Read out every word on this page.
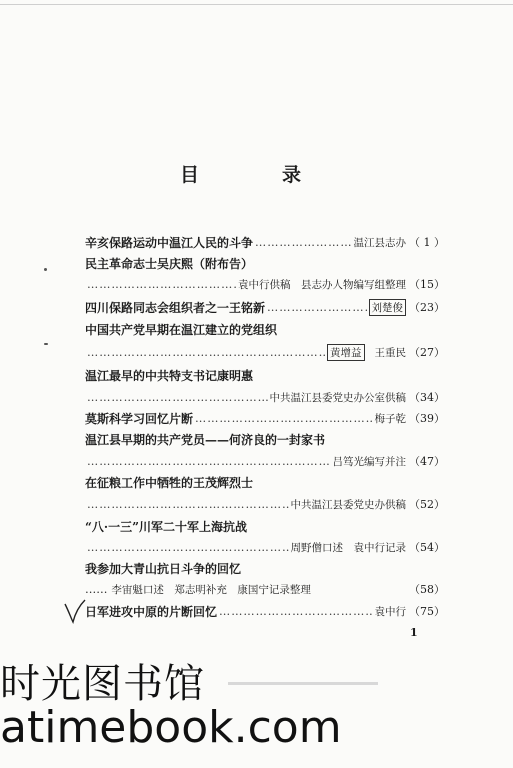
目　录
辛亥保路运动中温江人民的斗争 ……………………………………………………………………………………………………………………	温江县志办 （ 1 ）
民主革命志士吴庆熙（附布告）
……………………………………………………………………………………………………………………
袁中行供稿　县志办人物编写组整理 （15）
四川保路同志会组织者之一王铭新 ……………………………………………………………………………………………………………………	刘楚俊 （23）
中国共产党早期在温江建立的党组织
……………………………………………………………………………………………………………………
黄增益 王重民 （27）
温江最早的中共特支书记康明惠
……………………………………………………………………………………………………………………
中共温江县委党史办公室供稿 （34）
莫斯科学习回忆片断 ……………………………………………………………………………………………………………………	梅子乾 （39）
温江县早期的共产党员——何济良的一封家书
……………………………………………………………………………………………………………………
吕笃光编写并注 （47）
在征粮工作中牺牲的王茂辉烈士
……………………………………………………………………………………………………………………
中共温江县委党史办供稿 （52）
“八·一三”川军二十军上海抗战
……………………………………………………………………………………………………………………
周野僧口述　袁中行记录 （54）
我参加大青山抗日斗争的回忆
…… 李宙魁口述　郑志明补充　康国宁记录整理	（58）
日军进攻中原的片断回忆 ……………………………………………………………………………………………………………………	袁中行 （75）
1
时光图书馆
atimebook.com
